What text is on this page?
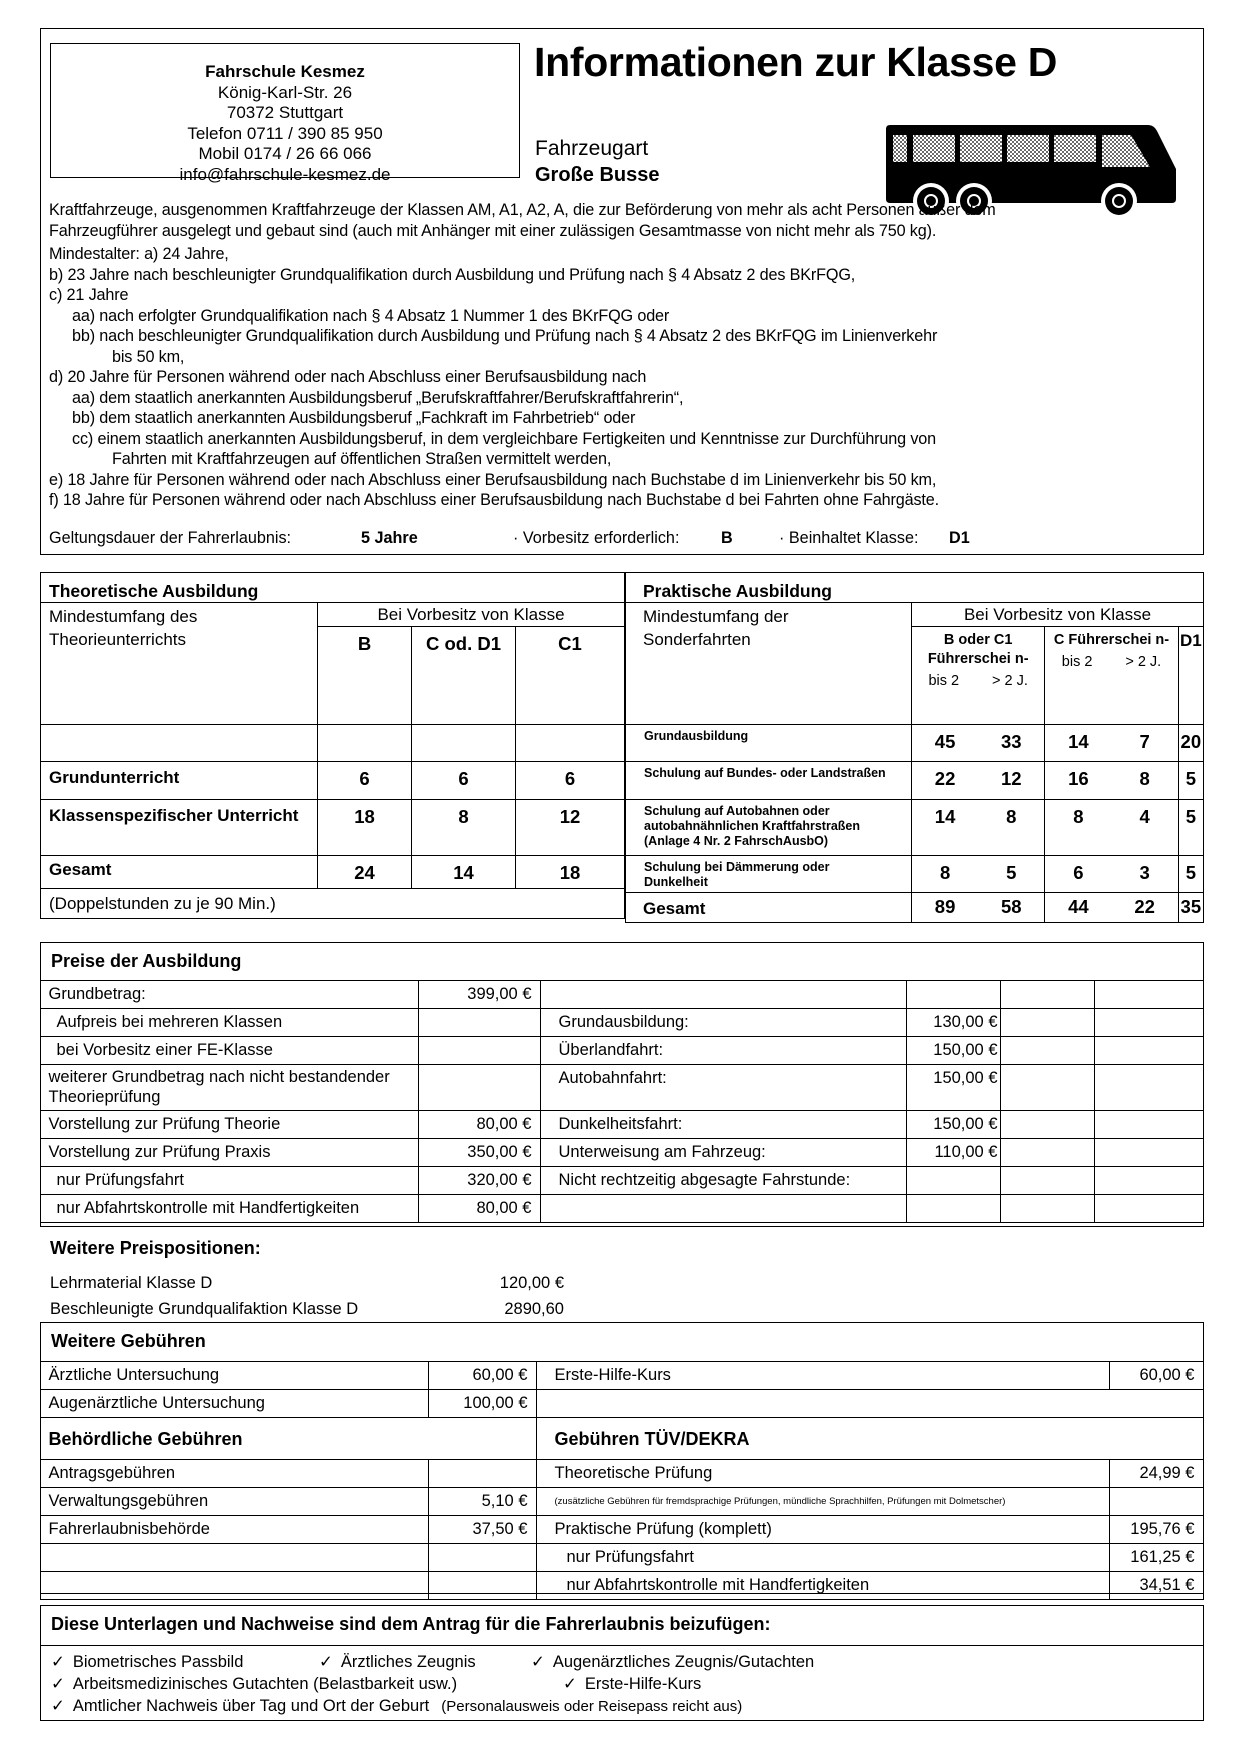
Fahrschule Kesmez
König-Karl-Str. 26
70372 Stuttgart
Telefon 0711 / 390 85 950
Mobil 0174 / 26 66 066
info@fahrschule-kesmez.de
Informationen zur Klasse D
Fahrzeugart
Große Busse

Kraftfahrzeuge, ausgenommen Kraftfahrzeuge der Klassen AM, A1, A2, A, die zur Beförderung von mehr als acht Personen außer dem

Fahrzeugführer ausgelegt und gebaut sind (auch mit Anhänger mit einer zulässigen Gesamtmasse von nicht mehr als 750 kg).

Mindestalter: a) 24 Jahre,

b) 23 Jahre nach beschleunigter Grundqualifikation durch Ausbildung und Prüfung nach § 4 Absatz 2 des BKrFQG,

c) 21 Jahre

aa) nach erfolgter Grundqualifikation nach § 4 Absatz 1 Nummer 1 des BKrFQG oder

bb) nach beschleunigter Grundqualifikation durch Ausbildung und Prüfung nach § 4 Absatz 2 des BKrFQG im Linienverkehr

bis 50 km,

d) 20 Jahre für Personen während oder nach Abschluss einer Berufsausbildung nach

aa) dem staatlich anerkannten Ausbildungsberuf „Berufskraftfahrer/Berufskraftfahrerin“,

bb) dem staatlich anerkannten Ausbildungsberuf „Fachkraft im Fahrbetrieb“ oder

cc) einem staatlich anerkannten Ausbildungsberuf, in dem vergleichbare Fertigkeiten und Kenntnisse zur Durchführung von

Fahrten mit Kraftfahrzeugen auf öffentlichen Straßen vermittelt werden,

e) 18 Jahre für Personen während oder nach Abschluss einer Berufsausbildung nach Buchstabe d im Linienverkehr bis 50 km,

f) 18 Jahre für Personen während oder nach Abschluss einer Berufsausbildung nach Buchstabe d bei Fahrten ohne Fahrgäste.

Geltungsdauer der Fahrerlaubnis:	5 Jahre	· Vorbesitz erforderlich:	B	· Beinhaltet Klasse: D1
Theoretische Ausbildung			
Mindestumfang des Theorieunterrichts	Bei Vorbesitz von Klasse		
	B	C od. D1	C1

Grundunterricht	6	6	6
Klassenspezifischer Unterricht	18	8	12
Gesamt	24	14	18
(Doppelstunden zu je 90 Min.)			
Praktische Ausbildung					
Mindestumfang der Sonderfahrten	Bei Vorbesitz von Klasse				

B oder C1 Führerschei n-
bis 2 > 2 J.

C Führerschei n-
bis 2 > 2 J.
	D1
Grundausbildung	45	33	14	7	20
Schulung auf Bundes- oder Landstraßen	22	12	16	8	5
Schulung auf Autobahnen oder autobahnähnlichen Kraftfahrstraßen (Anlage 4 Nr. 2 FahrschAusbO)	14	8	8	4	5
Schulung bei Dämmerung oder Dunkelheit	8	5	6	3	5
Gesamt	89	58	44	22	35
Preise der Ausbildung
Grundbetrag:	399,00 €				
Aufpreis bei mehreren Klassen		Grundausbildung:	130,00 €		
bei Vorbesitz einer FE-Klasse		Überlandfahrt:	150,00 €		
weiterer Grundbetrag nach nicht bestandender Theorieprüfung		Autobahnfahrt:	150,00 €		
Vorstellung zur Prüfung Theorie	80,00 €	Dunkelheitsfahrt:	150,00 €		
Vorstellung zur Prüfung Praxis	350,00 €	Unterweisung am Fahrzeug:	110,00 €		
nur Prüfungsfahrt	320,00 €	Nicht rechtzeitig abgesagte Fahrstunde:			
nur Abfahrtskontrolle mit Handfertigkeiten	80,00 €				
Weitere Preispositionen:
Lehrmaterial Klasse D	120,00 €
Beschleunigte Grundqualifaktion Klasse D	2890,60
Weitere Gebühren
Ärztliche Untersuchung	60,00 €	Erste-Hilfe-Kurs	60,00 €
Augenärztliche Untersuchung	100,00 €		
Behördliche Gebühren		Gebühren TÜV/DEKRA	
Antragsgebühren		Theoretische Prüfung	24,99 €
Verwaltungsgebühren	5,10 €	(zusätzliche Gebühren für fremdsprachige Prüfungen, mündliche Sprachhilfen, Prüfungen mit Dolmetscher)	
Fahrerlaubnisbehörde	37,50 €	Praktische Prüfung (komplett)	195,76 €
		nur Prüfungsfahrt	161,25 €
		nur Abfahrtskontrolle mit Handfertigkeiten	34,51 €
Diese Unterlagen und Nachweise sind dem Antrag für die Fahrerlaubnis beizufügen:
✓ Biometrisches Passbild	✓ Ärztliches Zeugnis	✓ Augenärztliches Zeugnis/Gutachten
✓ Arbeitsmedizinisches Gutachten (Belastbarkeit usw.)	✓ Erste-Hilfe-Kurs
✓ Amtlicher Nachweis über Tag und Ort der Geburt (Personalausweis oder Reisepass reicht aus)
